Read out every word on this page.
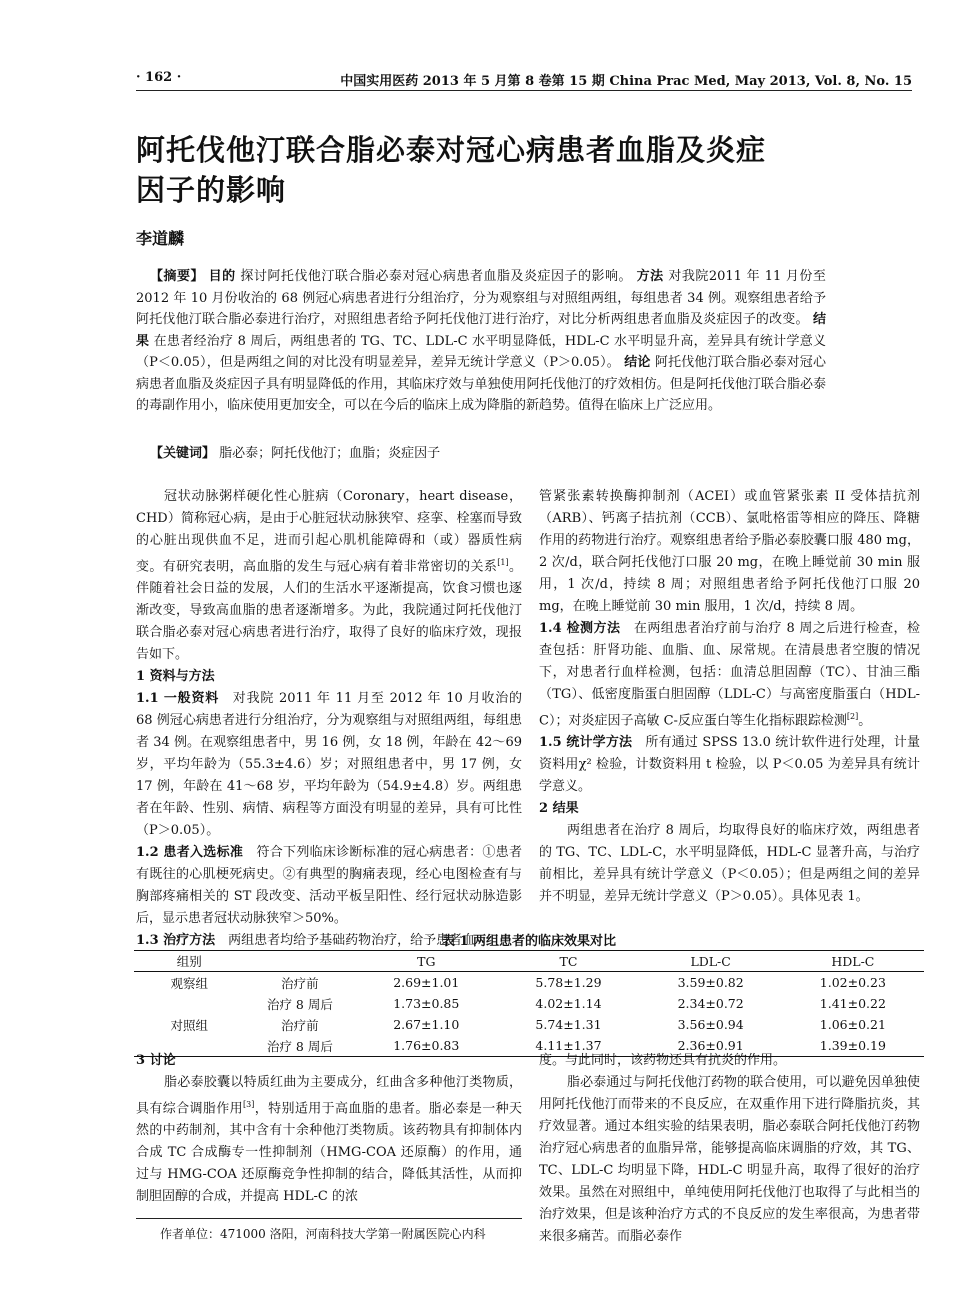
· 162 ·	中国实用医药 2013 年 5 月第 8 卷第 15 期 China Prac Med, May 2013, Vol. 8, No. 15
阿托伐他汀联合脂必泰对冠心病患者血脂及炎症
因子的影响
李道麟
【摘要】 目的 探讨阿托伐他汀联合脂必泰对冠心病患者血脂及炎症因子的影响。 方法 对我院2011 年 11 月份至 2012 年 10 月份收治的 68 例冠心病患者进行分组治疗，分为观察组与对照组两组，每组患者 34 例。观察组患者给予阿托伐他汀联合脂必泰进行治疗，对照组患者给予阿托伐他汀进行治疗，对比分析两组患者血脂及炎症因子的改变。 结果 在患者经治疗 8 周后，两组患者的 TG、TC、LDL-C 水平明显降低，HDL-C 水平明显升高，差异具有统计学意义（P＜0.05），但是两组之间的对比没有明显差异，差异无统计学意义（P＞0.05）。 结论 阿托伐他汀联合脂必泰对冠心病患者血脂及炎症因子具有明显降低的作用，其临床疗效与单独使用阿托伐他汀的疗效相仿。但是阿托伐他汀联合脂必泰的毒副作用小，临床使用更加安全，可以在今后的临床上成为降脂的新趋势。值得在临床上广泛应用。
【关键词】 脂必泰；阿托伐他汀；血脂；炎症因子

冠状动脉粥样硬化性心脏病（Coronary，heart disease，CHD）简称冠心病，是由于心脏冠状动脉狭窄、痉挛、栓塞而导致的心脏出现供血不足，进而引起心肌机能障碍和（或）器质性病变。有研究表明，高血脂的发生与冠心病有着非常密切的关系[1]。伴随着社会日益的发展，人们的生活水平逐渐提高，饮食习惯也逐渐改变，导致高血脂的患者逐渐增多。为此，我院通过阿托伐他汀联合脂必泰对冠心病患者进行治疗，取得了良好的临床疗效，现报告如下。

1 资料与方法

1.1 一般资料　 对我院 2011 年 11 月至 2012 年 10 月收治的 68 例冠心病患者进行分组治疗，分为观察组与对照组两组，每组患者 34 例。在观察组患者中，男 16 例，女 18 例，年龄在 42～69 岁，平均年龄为（55.3±4.6）岁；对照组患者中，男 17 例，女 17 例，年龄在 41～68 岁，平均年龄为（54.9±4.8）岁。两组患者在年龄、性别、病情、病程等方面没有明显的差异，具有可比性（P＞0.05）。

1.2 患者入选标准　 符合下列临床诊断标准的冠心病患者：①患者有既往的心肌梗死病史。②有典型的胸痛表现，经心电图检查有与胸部疼痛相关的 ST 段改变、活动平板呈阳性、经行冠状动脉造影后，显示患者冠状动脉狭窄＞50%。

1.3 治疗方法　 两组患者均给予基础药物治疗，给予患者血

管紧张素转换酶抑制剂（ACEI）或血管紧张素 II 受体拮抗剂（ARB）、钙离子拮抗剂（CCB）、氯吡格雷等相应的降压、降糖作用的药物进行治疗。观察组患者给予脂必泰胶囊口服 480 mg，2 次/d，联合阿托伐他汀口服 20 mg，在晚上睡觉前 30 min 服用，1 次/d，持续 8 周；对照组患者给予阿托伐他汀口服 20 mg，在晚上睡觉前 30 min 服用，1 次/d，持续 8 周。

1.4 检测方法　 在两组患者治疗前与治疗 8 周之后进行检查，检查包括：肝肾功能、血脂、血、尿常规。在清晨患者空腹的情况下，对患者行血样检测，包括：血清总胆固醇（TC）、甘油三酯（TG）、低密度脂蛋白胆固醇（LDL-C）与高密度脂蛋白（HDL-C）；对炎症因子高敏 C-反应蛋白等生化指标跟踪检测[2]。

1.5 统计学方法　 所有通过 SPSS 13.0 统计软件进行处理，计量资料用χ² 检验，计数资料用 t 检验，以 P＜0.05 为差异具有统计学意义。

2 结果

两组患者在治疗 8 周后，均取得良好的临床疗效，两组患者的 TG、TC、LDL-C，水平明显降低，HDL-C 显著升高，与治疗前相比，差异具有统计学意义（P＜0.05）；但是两组之间的差异并不明显，差异无统计学意义（P＞0.05）。具体见表 1。

表 1 两组患者的临床效果对比
组别		TG	TC	LDL-C	HDL-C
观察组	治疗前	2.69±1.01	5.78±1.29	3.59±0.82	1.02±0.23
	治疗 8 周后	1.73±0.85	4.02±1.14	2.34±0.72	1.41±0.22
对照组	治疗前	2.67±1.10	5.74±1.31	3.56±0.94	1.06±0.21
	治疗 8 周后	1.76±0.83	4.11±1.37	2.36±0.91	1.39±0.19
3 讨论

脂必泰胶囊以特质红曲为主要成分，红曲含多种他汀类物质，具有综合调脂作用[3]，特别适用于高血脂的患者。脂必泰是一种天然的中药制剂，其中含有十余种他汀类物质。该药物具有抑制体内合成 TC 合成酶专一性抑制剂（HMG-COA 还原酶）的作用，通过与 HMG-COA 还原酶竞争性抑制的结合，降低其活性，从而抑制胆固醇的合成，并提高 HDL-C 的浓

度。与此同时，该药物还具有抗炎的作用。

脂必泰通过与阿托伐他汀药物的联合使用，可以避免因单独使用阿托伐他汀而带来的不良反应，在双重作用下进行降脂抗炎，其疗效显著。通过本组实验的结果表明，脂必泰联合阿托伐他汀药物治疗冠心病患者的血脂异常，能够提高临床调脂的疗效，其 TG、TC、LDL-C 均明显下降，HDL-C 明显升高，取得了很好的治疗效果。虽然在对照组中，单纯使用阿托伐他汀也取得了与此相当的治疗效果，但是该种治疗方式的不良反应的发生率很高，为患者带来很多痛苦。而脂必泰作

作者单位：471000 洛阳，河南科技大学第一附属医院心内科
